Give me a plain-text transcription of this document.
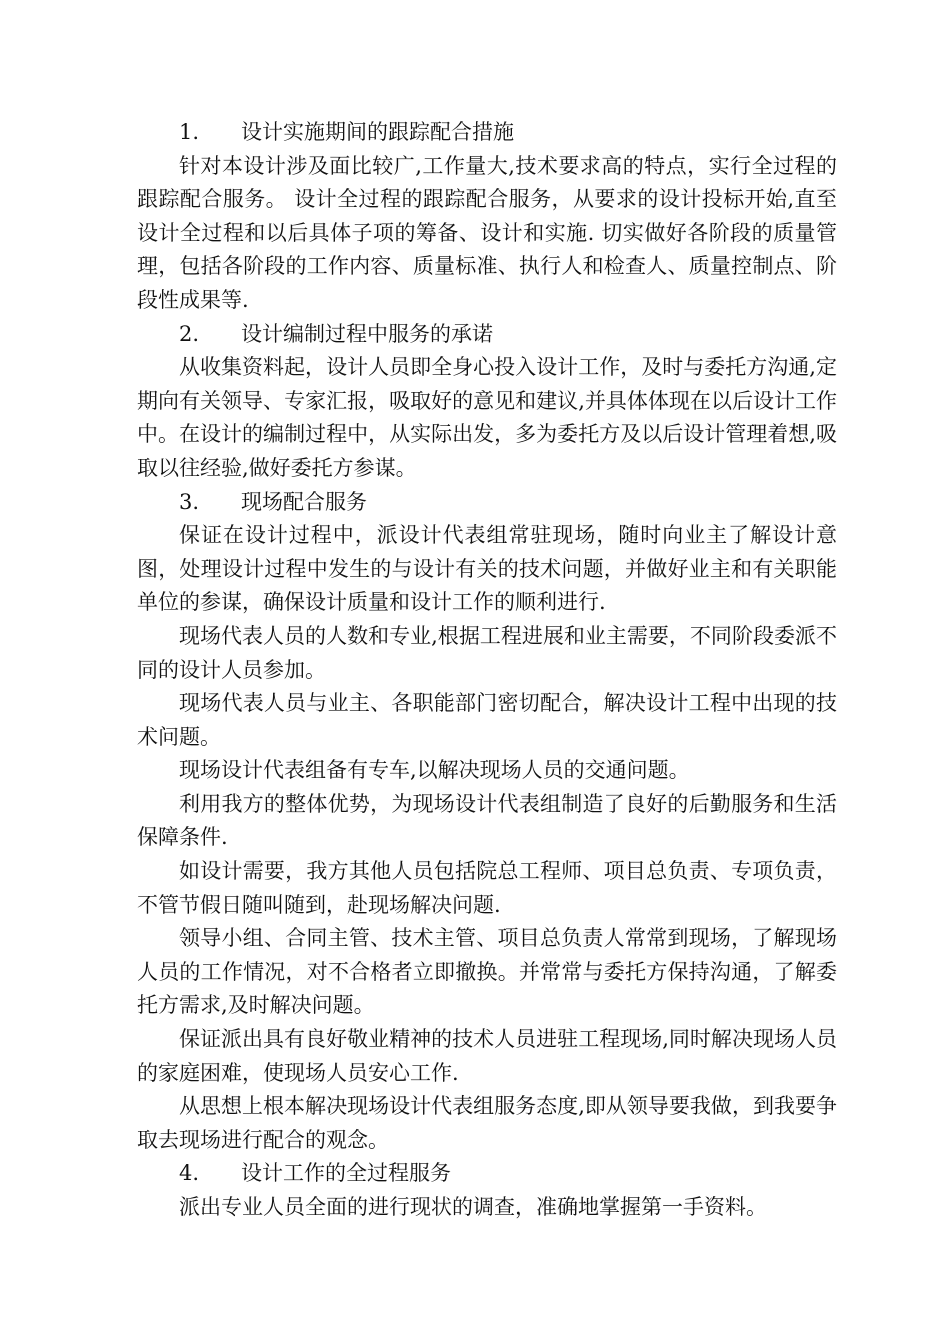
1.	设计实施期间的跟踪配合措施

针对本设计涉及面比较广,工作量大,技术要求高的特点，实行全过程的跟踪配合服务。 设计全过程的跟踪配合服务，从要求的设计投标开始,直至设计全过程和以后具体子项的筹备、设计和实施. 切实做好各阶段的质量管理，包括各阶段的工作内容、质量标准、执行人和检查人、质量控制点、阶段性成果等.

2.	设计编制过程中服务的承诺

从收集资料起，设计人员即全身心投入设计工作，及时与委托方沟通,定期向有关领导、专家汇报，吸取好的意见和建议,并具体体现在以后设计工作中。在设计的编制过程中，从实际出发，多为委托方及以后设计管理着想,吸取以往经验,做好委托方参谋。

3.	现场配合服务

保证在设计过程中，派设计代表组常驻现场，随时向业主了解设计意图，处理设计过程中发生的与设计有关的技术问题，并做好业主和有关职能单位的参谋，确保设计质量和设计工作的顺利进行.

现场代表人员的人数和专业,根据工程进展和业主需要，不同阶段委派不同的设计人员参加。

现场代表人员与业主、各职能部门密切配合，解决设计工程中出现的技术问题。

现场设计代表组备有专车,以解决现场人员的交通问题。

利用我方的整体优势，为现场设计代表组制造了良好的后勤服务和生活保障条件.

如设计需要，我方其他人员包括院总工程师、项目总负责、专项负责，不管节假日随叫随到，赴现场解决问题.

领导小组、合同主管、技术主管、项目总负责人常常到现场，了解现场人员的工作情况，对不合格者立即撤换。并常常与委托方保持沟通，了解委托方需求,及时解决问题。

保证派出具有良好敬业精神的技术人员进驻工程现场,同时解决现场人员的家庭困难，使现场人员安心工作.

从思想上根本解决现场设计代表组服务态度,即从领导要我做，到我要争取去现场进行配合的观念。

4.	设计工作的全过程服务

派出专业人员全面的进行现状的调查，准确地掌握第一手资料。
